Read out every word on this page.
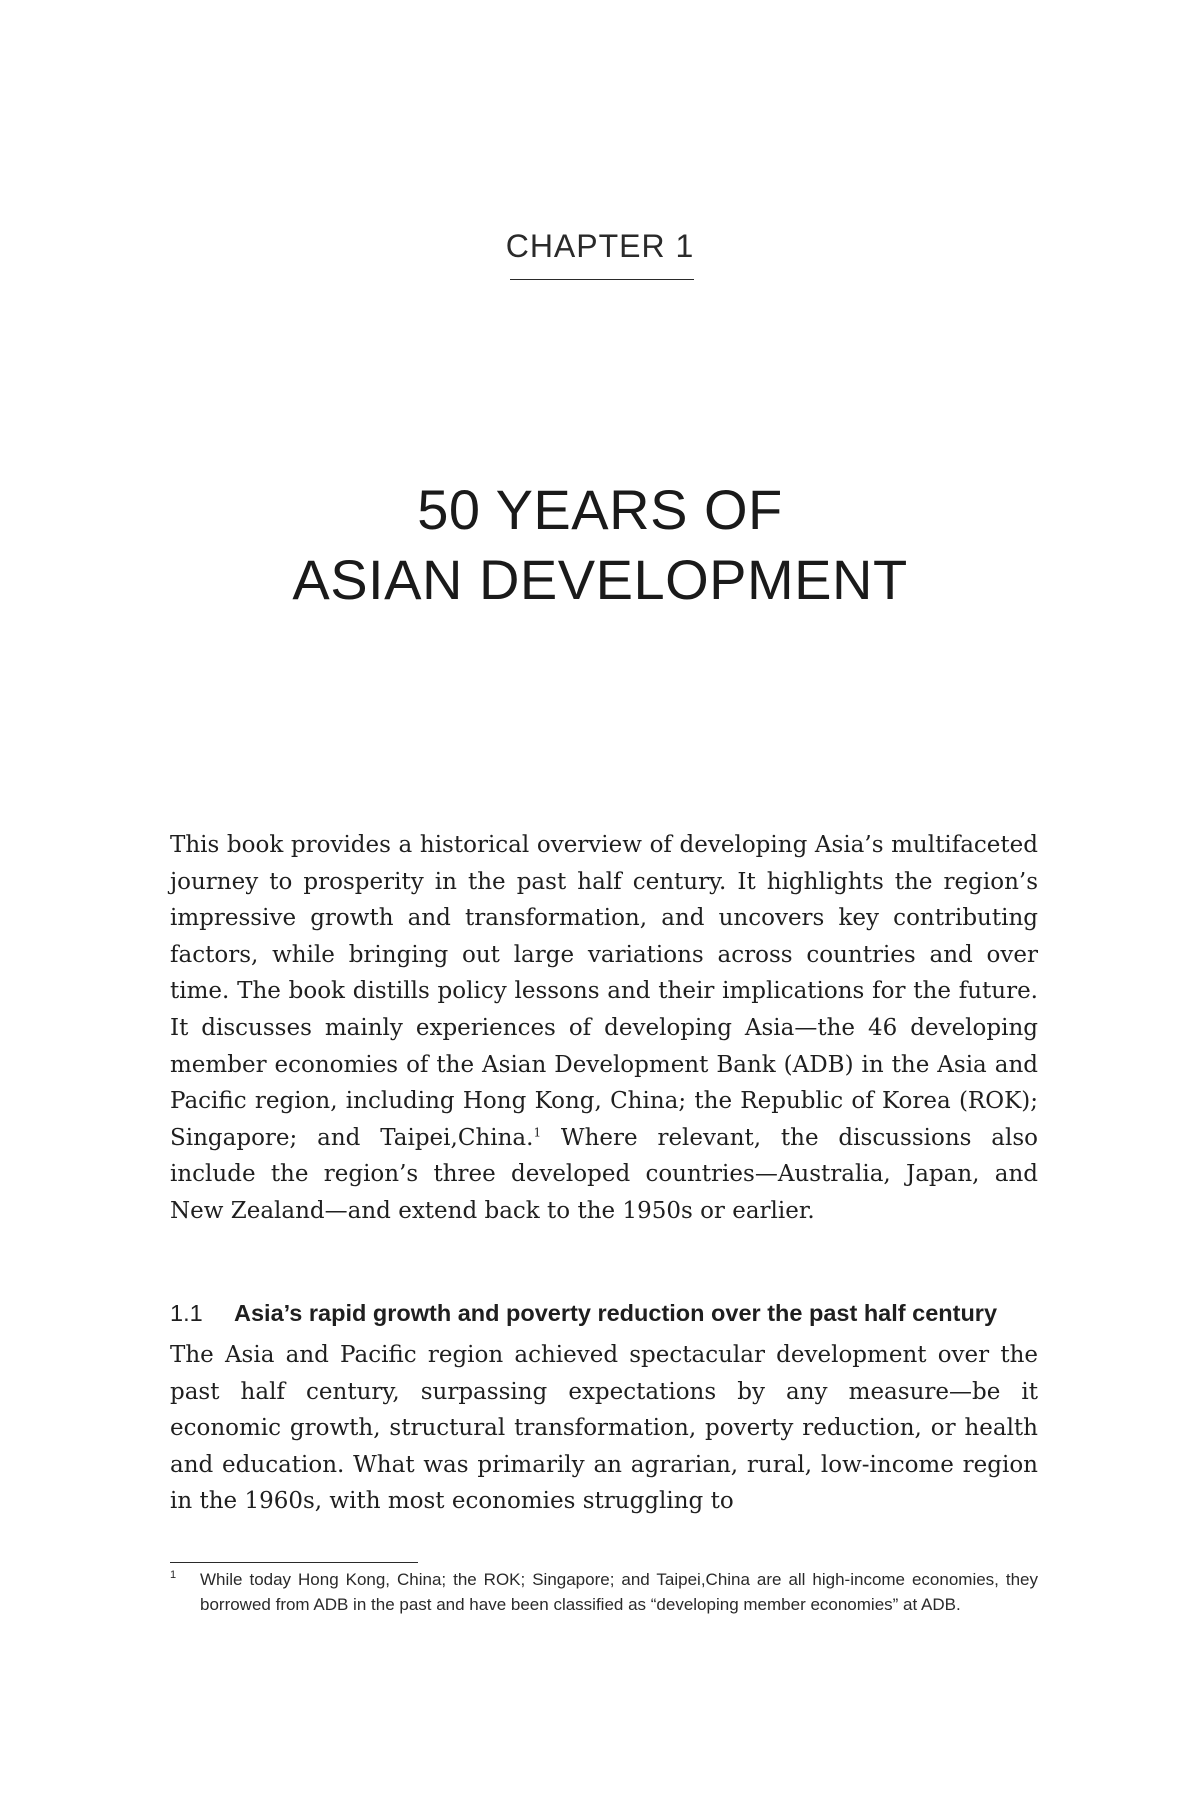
CHAPTER 1
50 YEARS OF
ASIAN DEVELOPMENT
This book provides a historical overview of developing Asia’s multifaceted journey to prosperity in the past half century. It highlights the region’s impressive growth and transformation, and uncovers key contributing factors, while bringing out large variations across countries and over time. The book distills policy lessons and their implications for the future. It discusses mainly experiences of developing Asia—the 46 developing member economies of the Asian Development Bank (ADB) in the Asia and Pacific region, including Hong Kong, China; the Republic of Korea (ROK); Singapore; and Taipei,China.$^1$ Where relevant, the discussions also include the region’s three developed countries—Australia, Japan, and New Zealand—and extend back to the 1950s or earlier.
1.1 Asia’s rapid growth and poverty reduction over the past half century
The Asia and Pacific region achieved spectacular development over the past half century, surpassing expectations by any measure—be it economic growth, structural transformation, poverty reduction, or health and education. What was primarily an agrarian, rural, low-income region in the 1960s, with most economies struggling to
1 While today Hong Kong, China; the ROK; Singapore; and Taipei,China are all high-income economies, they borrowed from ADB in the past and have been classified as “developing member economies” at ADB.
